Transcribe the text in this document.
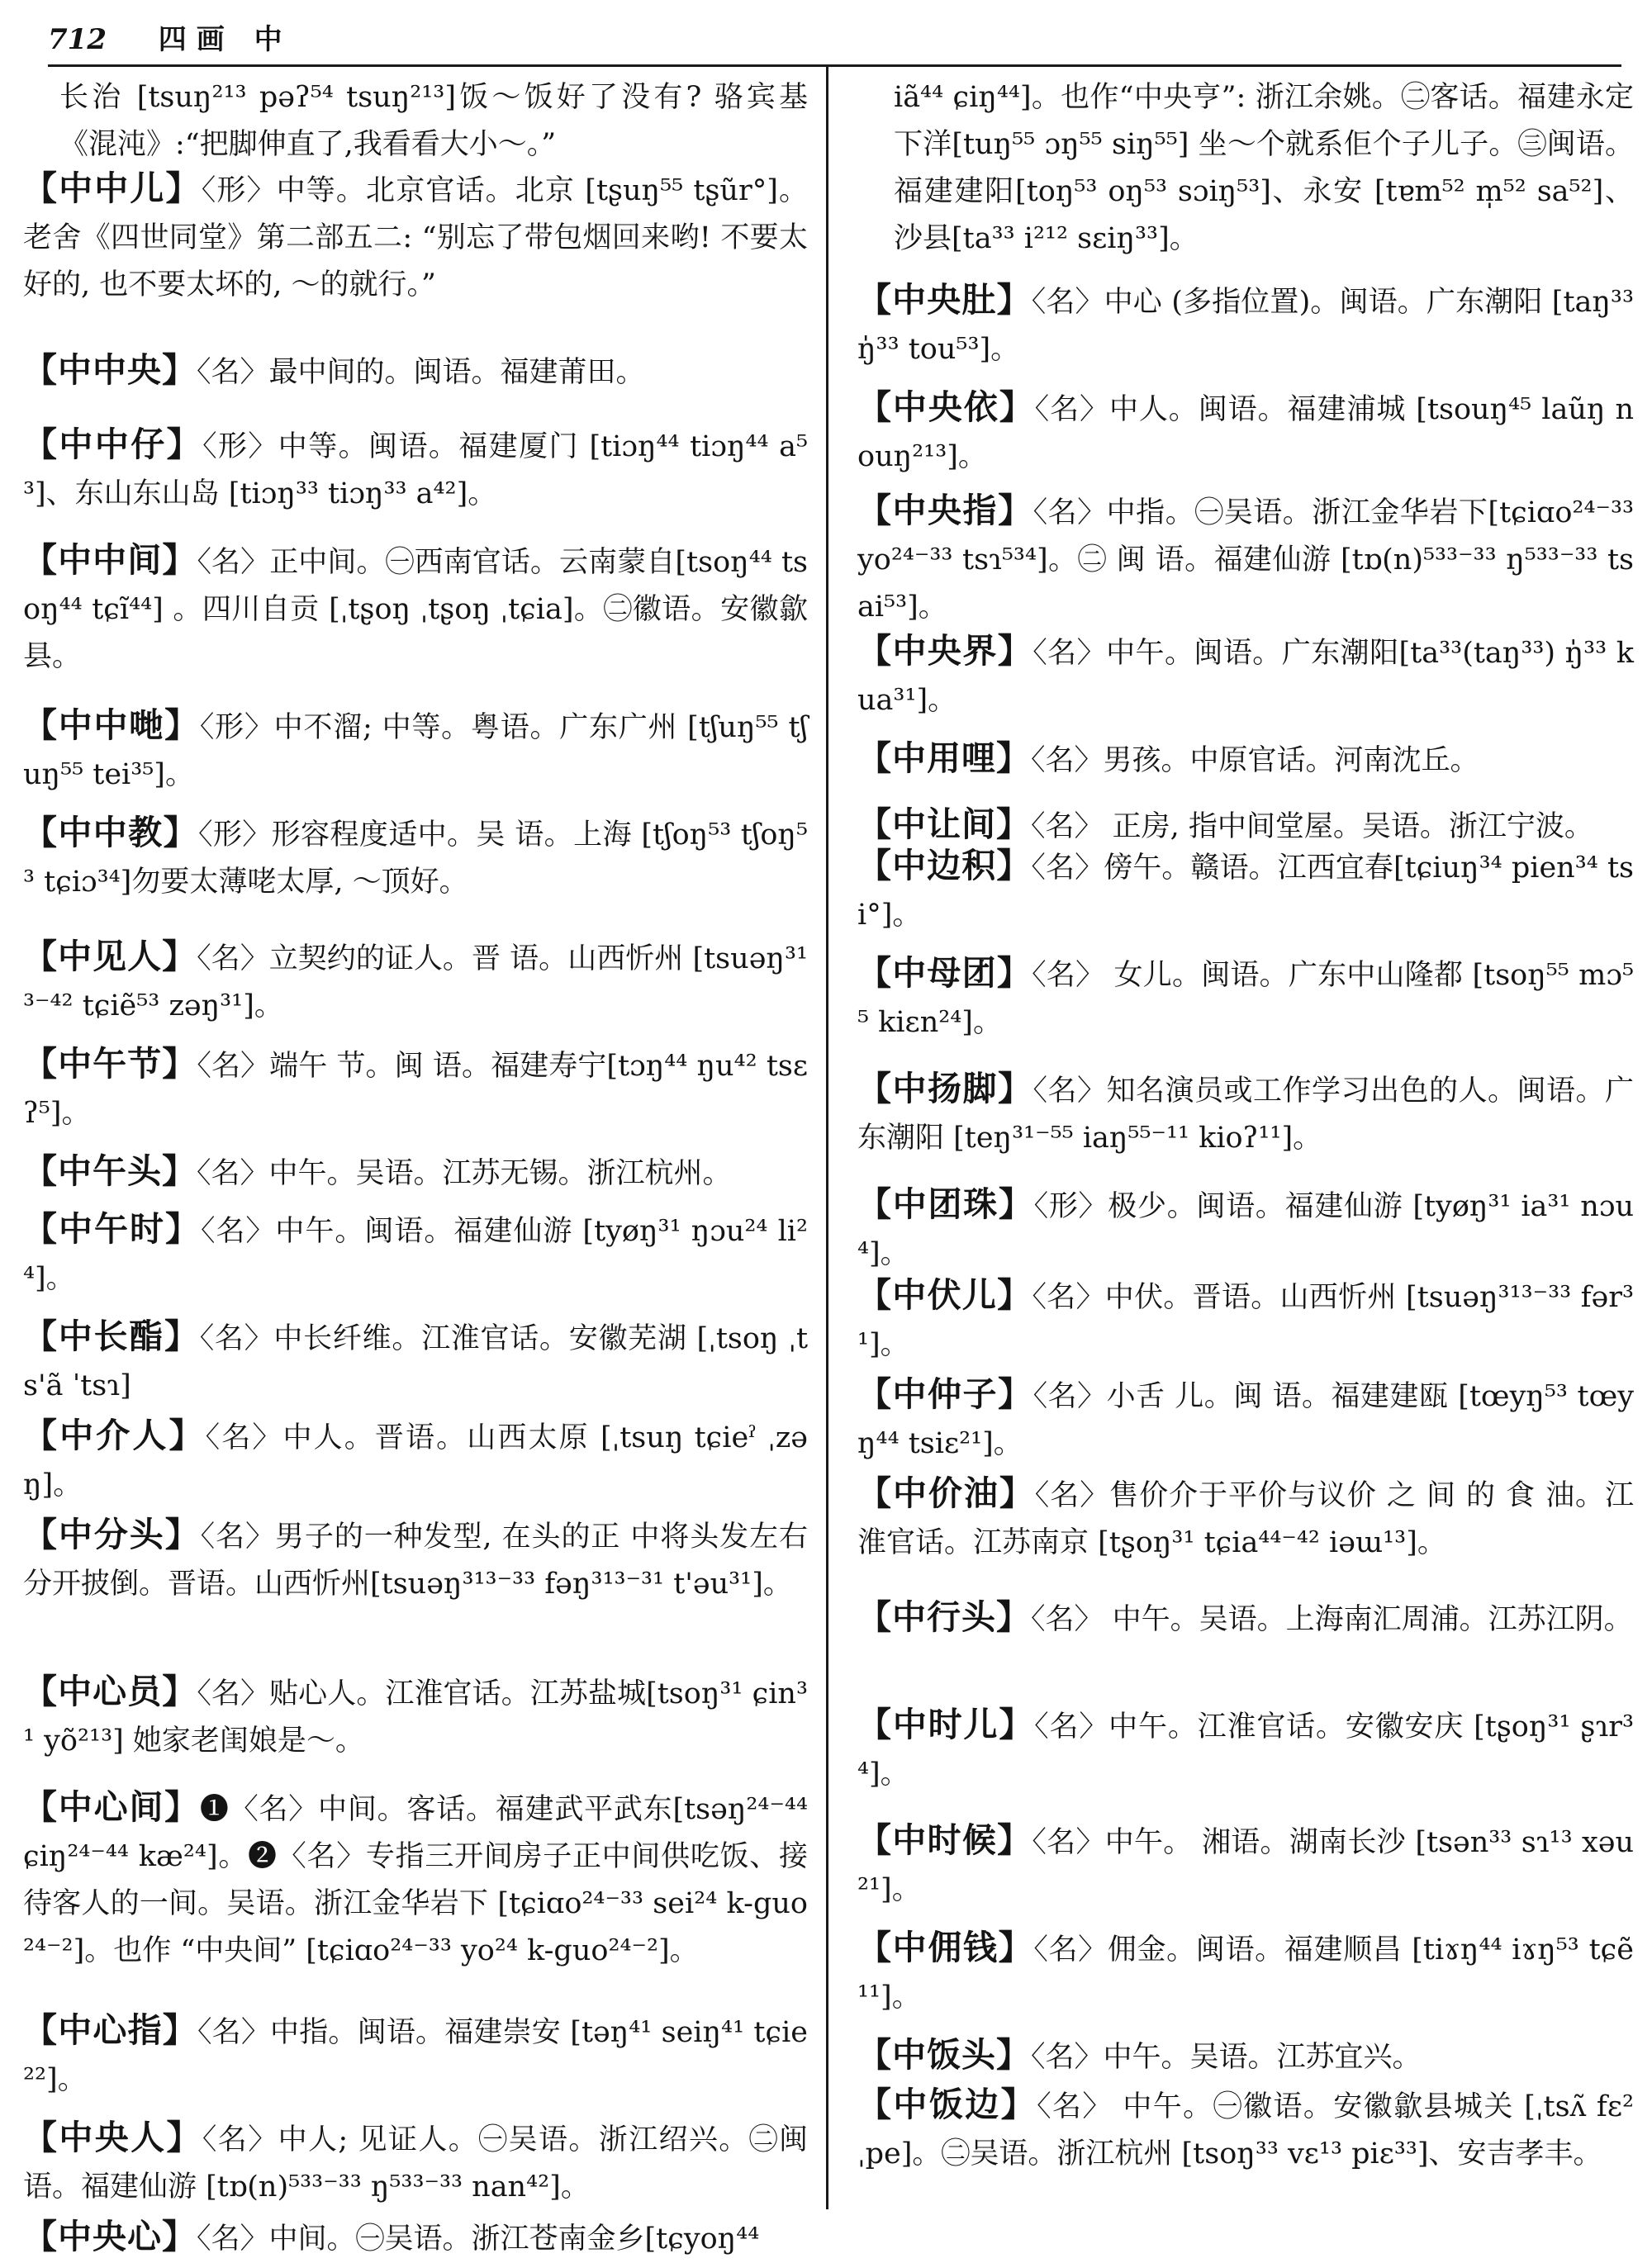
712 四画 中
长治 [tsuŋ²¹³ pəʔ⁵⁴ tsuŋ²¹³]饭～饭好了没有? 骆宾基《混沌》:“把脚伸直了,我看看大小～。”
【中中儿】〈形〉中等。北京官话。北京 [tʂuŋ⁵⁵ tʂũr°]。老舍《四世同堂》第二部五二: “别忘了带包烟回来哟! 不要太好的, 也不要太坏的, ～的就行。”
【中中央】〈名〉最中间的。闽语。福建莆田。
【中中仔】〈形〉中等。闽语。福建厦门 [tiɔŋ⁴⁴ tiɔŋ⁴⁴ a⁵³]、东山东山岛 [tiɔŋ³³ tiɔŋ³³ a⁴²]。
【中中间】〈名〉正中间。㊀西南官话。云南蒙自[tsoŋ⁴⁴ tsoŋ⁴⁴ tɕĩ⁴⁴] 。四川自贡 [ˌtʂoŋ ˌtʂoŋ ˌtɕia]。㊁徽语。安徽歙县。
【中中哋】〈形〉中不溜; 中等。粤语。广东广州 [tʃuŋ⁵⁵ tʃuŋ⁵⁵ tei³⁵]。
【中中教】〈形〉形容程度适中。吴 语。上海 [tʃoŋ⁵³ tʃoŋ⁵³ tɕiɔ³⁴]勿要太薄咾太厚, ～顶好。
【中见人】〈名〉立契约的证人。晋 语。山西忻州 [tsuəŋ³¹³⁻⁴² tɕiẽ⁵³ zəŋ³¹]。
【中午节】〈名〉端午 节。闽 语。福建寿宁[tɔŋ⁴⁴ ŋu⁴² tsɛʔ⁵]。
【中午头】〈名〉中午。吴语。江苏无锡。浙江杭州。
【中午时】〈名〉中午。闽语。福建仙游 [tyøŋ³¹ ŋɔu²⁴ li²⁴]。
【中长酯】〈名〉中长纤维。江淮官话。安徽芜湖 [ˌtsoŋ ˌts'ã ˈtsɿ]
【中介人】〈名〉中人。晋语。山西太原 [ˌtsuŋ tɕieˀ ˌzəŋ]。
【中分头】〈名〉男子的一种发型, 在头的正 中将头发左右分开披倒。晋语。山西忻州[tsuəŋ³¹³⁻³³ fəŋ³¹³⁻³¹ t'əu³¹]。
【中心员】〈名〉贴心人。江淮官话。江苏盐城[tsoŋ³¹ ɕin³¹ yõ²¹³] 她家老闺娘是～。
【中心间】❶〈名〉中间。客话。福建武平武东[tsəŋ²⁴⁻⁴⁴ ɕiŋ²⁴⁻⁴⁴ kæ²⁴]。❷〈名〉专指三开间房子正中间供吃饭、接待客人的一间。吴语。浙江金华岩下 [tɕiɑo²⁴⁻³³ sei²⁴ k-guo²⁴⁻²]。也作 “中央间” [tɕiɑo²⁴⁻³³ yo²⁴ k-guo²⁴⁻²]。
【中心指】〈名〉中指。闽语。福建崇安 [təŋ⁴¹ seiŋ⁴¹ tɕie²²]。
【中央人】〈名〉中人; 见证人。㊀吴语。浙江绍兴。㊁闽语。福建仙游 [tɒ(n)⁵³³⁻³³ ŋ⁵³³⁻³³ nan⁴²]。
【中央心】〈名〉中间。㊀吴语。浙江苍南金乡[tɕyoŋ⁴⁴
iã⁴⁴ ɕiŋ⁴⁴]。也作“中央亨”: 浙江余姚。㊁客话。福建永定下洋[tuŋ⁵⁵ ɔŋ⁵⁵ siŋ⁵⁵] 坐～个就系佢个子儿子。㊂闽语。福建建阳[toŋ⁵³ oŋ⁵³ sɔiŋ⁵³]、永安 [tɐm⁵² m̩⁵² sa⁵²]、沙县[ta³³ i²¹² sɛiŋ³³]。
【中央肚】〈名〉中心 (多指位置)。闽语。广东潮阳 [taŋ³³ ŋ̍³³ tou⁵³]。
【中央依】〈名〉中人。闽语。福建浦城 [tsouŋ⁴⁵ laũŋ nouŋ²¹³]。
【中央指】〈名〉中指。㊀吴语。浙江金华岩下[tɕiɑo²⁴⁻³³ yo²⁴⁻³³ tsɿ⁵³⁴]。㊁ 闽 语。福建仙游 [tɒ(n)⁵³³⁻³³ ŋ⁵³³⁻³³ tsai⁵³]。
【中央界】〈名〉中午。闽语。广东潮阳[ta³³(taŋ³³) ŋ̍³³ kua³¹]。
【中用哩】〈名〉男孩。中原官话。河南沈丘。
【中让间】〈名〉 正房, 指中间堂屋。吴语。浙江宁波。
【中边积】〈名〉傍午。赣语。江西宜春[tɕiuŋ³⁴ pien³⁴ tsi°]。
【中母团】〈名〉 女儿。闽语。广东中山隆都 [tsoŋ⁵⁵ mɔ⁵⁵ kiɛn²⁴]。
【中扬脚】〈名〉知名演员或工作学习出色的人。闽语。广东潮阳 [teŋ³¹⁻⁵⁵ iaŋ⁵⁵⁻¹¹ kioʔ¹¹]。
【中团珠】〈形〉极少。闽语。福建仙游 [tyøŋ³¹ ia³¹ nɔu⁴]。
【中伏儿】〈名〉中伏。晋语。山西忻州 [tsuəŋ³¹³⁻³³ fər³¹]。
【中仲子】〈名〉小舌 儿。闽 语。福建建瓯 [tœyŋ⁵³ tœyŋ⁴⁴ tsiɛ²¹]。
【中价油】〈名〉售价介于平价与议价 之 间 的 食 油。江淮官话。江苏南京 [tʂoŋ³¹ tɕia⁴⁴⁻⁴² iəɯ¹³]。
【中行头】〈名〉 中午。吴语。上海南汇周浦。江苏江阴。
【中时儿】〈名〉中午。江淮官话。安徽安庆 [tʂoŋ³¹ ʂɿr³⁴]。
【中时候】〈名〉中午。 湘语。湖南长沙 [tsən³³ sɿ¹³ xəu²¹]。
【中佣钱】〈名〉佣金。闽语。福建顺昌 [tiɤŋ⁴⁴ iɤŋ⁵³ tɕẽ¹¹]。
【中饭头】〈名〉中午。吴语。江苏宜兴。
【中饭边】〈名〉 中午。㊀徽语。安徽歙县城关 [ˌtsʌ̃ fɛ² ˌpe]。㊁吴语。浙江杭州 [tsoŋ³³ vɛ¹³ piɛ³³]、安吉孝丰。
